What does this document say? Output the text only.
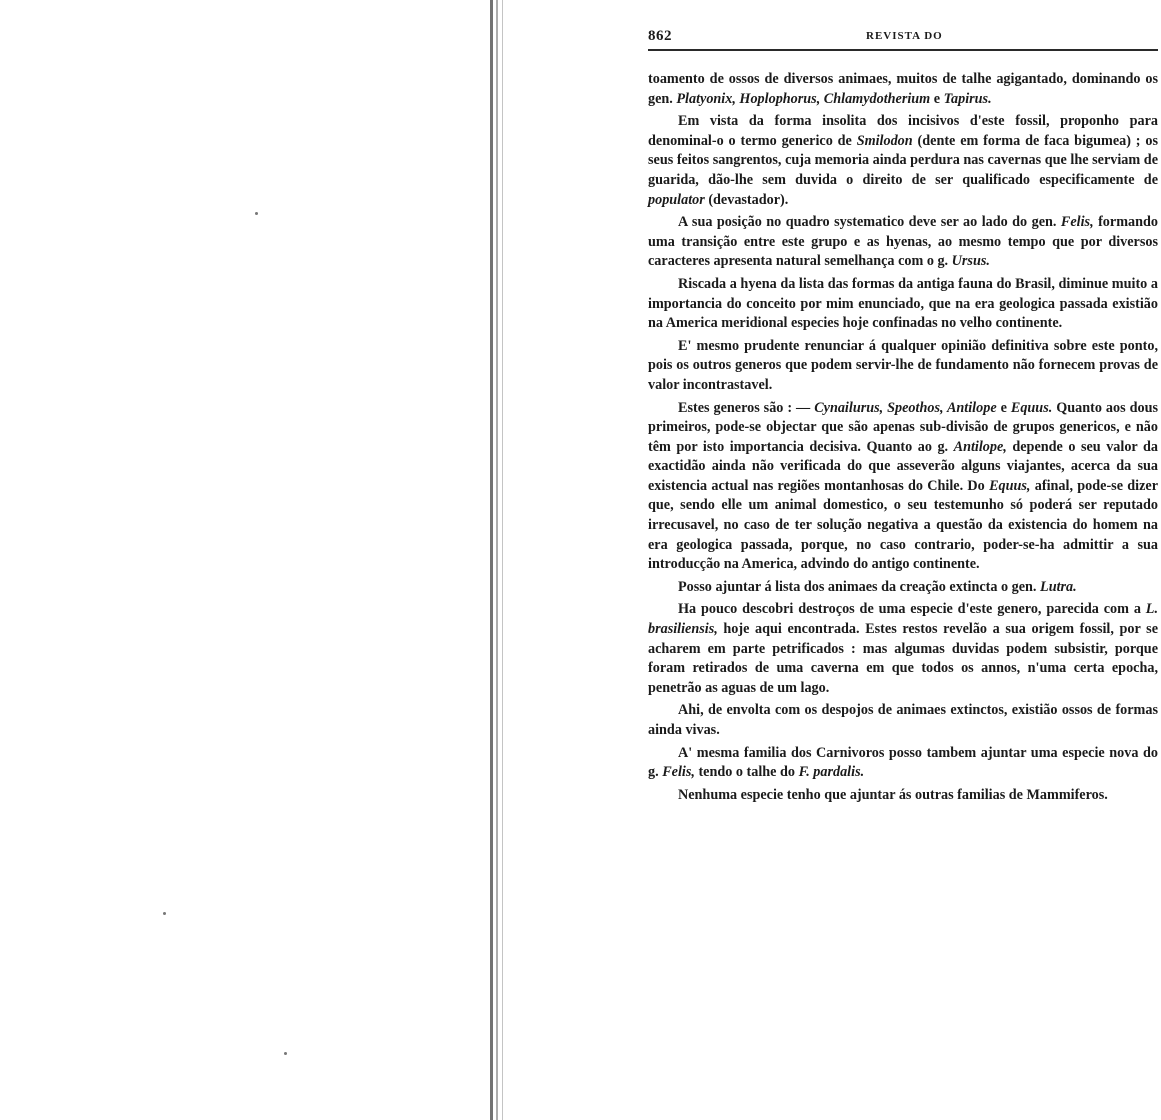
862	REVISTA DO

toamento de ossos de diversos animaes, muitos de talhe agigantado, dominando os gen. Platyonix, Hoplophorus, Chlamydotherium e Tapirus.

Em vista da forma insolita dos incisivos d'este fossil, proponho para denominal-o o termo generico de Smilodon (dente em forma de faca bigumea) ; os seus feitos sangrentos, cuja memoria ainda perdura nas cavernas que lhe serviam de guarida, dão-lhe sem duvida o direito de ser qualificado especificamente de populator (devastador).

A sua posição no quadro systematico deve ser ao lado do gen. Felis, formando uma transição entre este grupo e as hyenas, ao mesmo tempo que por diversos caracteres apresenta natural semelhança com o g. Ursus.

Riscada a hyena da lista das formas da antiga fauna do Brasil, diminue muito a importancia do conceito por mim enunciado, que na era geologica passada existião na America meridional especies hoje confinadas no velho continente.

E' mesmo prudente renunciar á qualquer opinião definitiva sobre este ponto, pois os outros generos que podem servir-lhe de fundamento não fornecem provas de valor incontrastavel.

Estes generos são : — Cynailurus, Speothos, Antilope e Equus. Quanto aos dous primeiros, pode-se objectar que são apenas sub-divisão de grupos genericos, e não têm por isto importancia decisiva. Quanto ao g. Antilope, depende o seu valor da exactidão ainda não verificada do que asseverão alguns viajantes, acerca da sua existencia actual nas regiões montanhosas do Chile. Do Equus, afinal, pode-se dizer que, sendo elle um animal domestico, o seu testemunho só poderá ser reputado irrecusavel, no caso de ter solução negativa a questão da existencia do homem na era geologica passada, porque, no caso contrario, poder-se-ha admittir a sua introducção na America, advindo do antigo continente.

Posso ajuntar á lista dos animaes da creação extincta o gen. Lutra.

Ha pouco descobri destroços de uma especie d'este genero, parecida com a L. brasiliensis, hoje aqui encontrada. Estes restos revelão a sua origem fossil, por se acharem em parte petrificados : mas algumas duvidas podem subsistir, porque foram retirados de uma caverna em que todos os annos, n'uma certa epocha, penetrão as aguas de um lago.

Ahi, de envolta com os despojos de animaes extinctos, existião ossos de formas ainda vivas.

A' mesma familia dos Carnivoros posso tambem ajuntar uma especie nova do g. Felis, tendo o talhe do F. pardalis.

Nenhuma especie tenho que ajuntar ás outras familias de Mammiferos.
